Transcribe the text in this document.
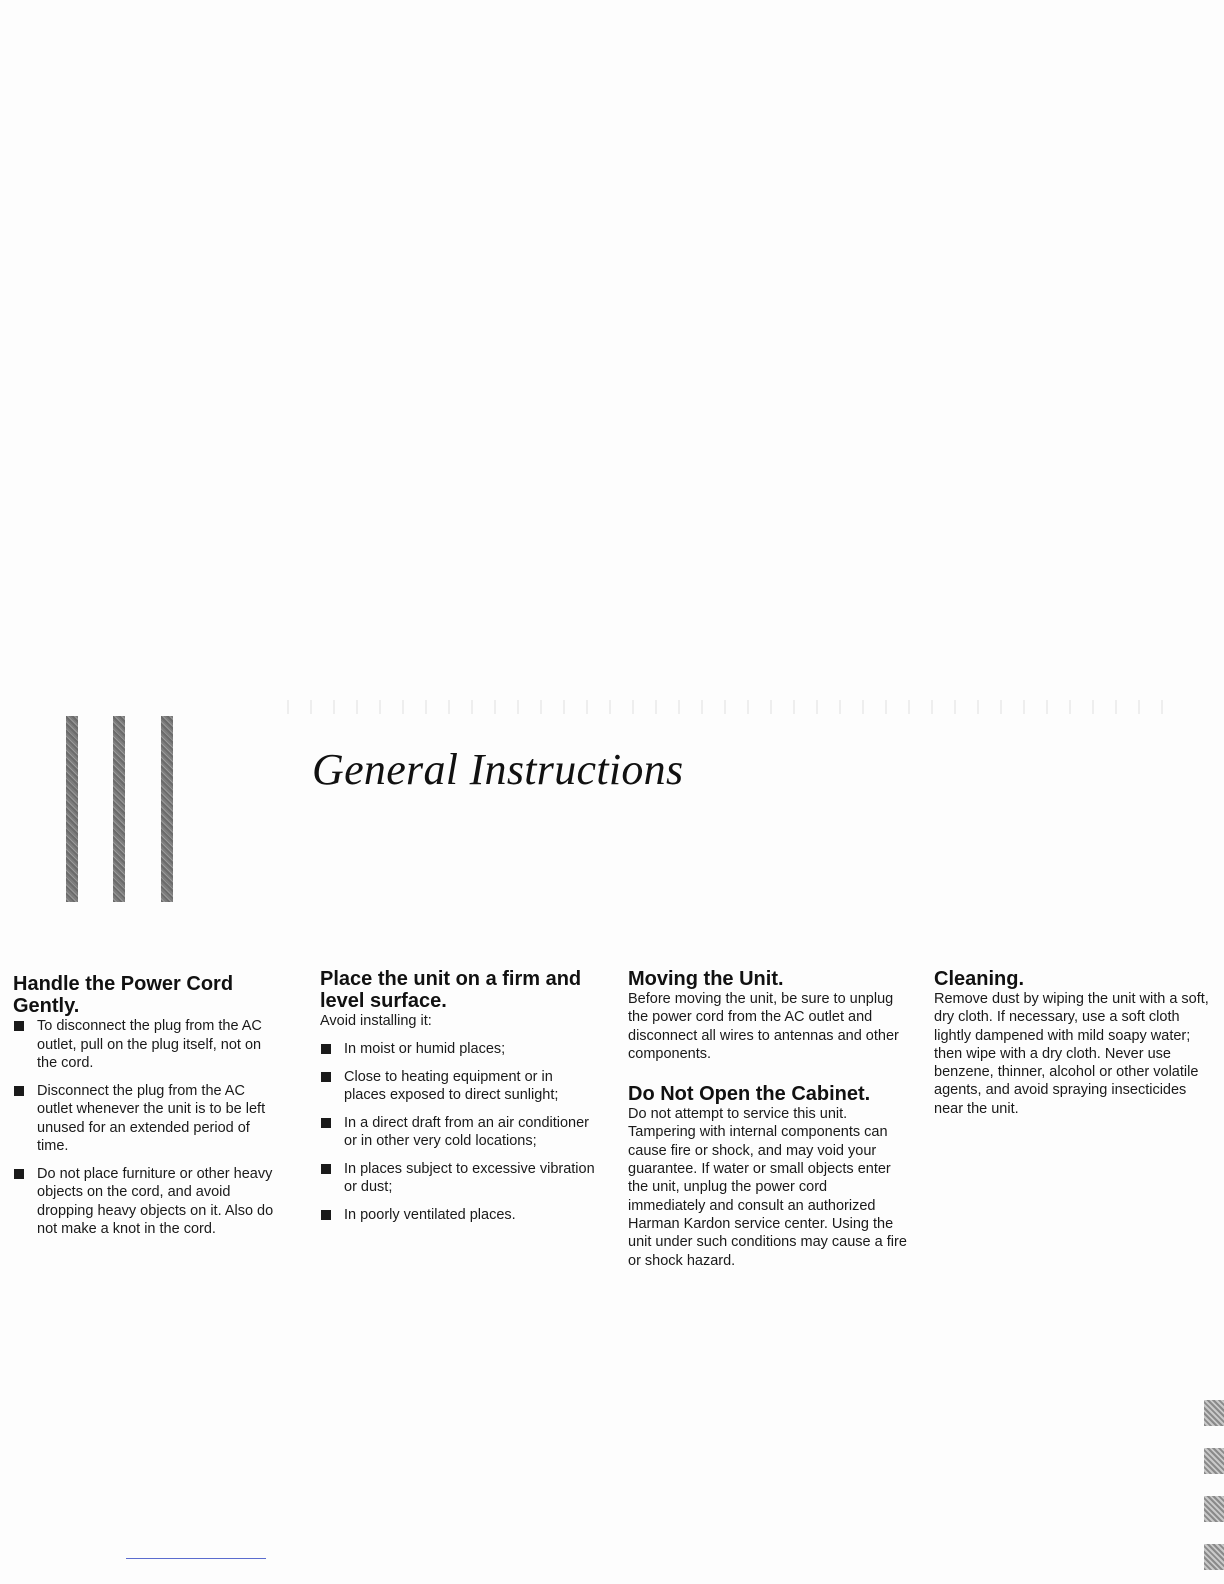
General Instructions
Handle the Power Cord Gently.
To disconnect the plug from the AC outlet, pull on the plug itself, not on the cord.
Disconnect the plug from the AC outlet whenever the unit is to be left unused for an extended period of time.
Do not place furniture or other heavy objects on the cord, and avoid dropping heavy objects on it. Also do not make a knot in the cord.
Place the unit on a firm and level surface.

Avoid installing it:

In moist or humid places;
Close to heating equipment or in places exposed to direct sunlight;
In a direct draft from an air conditioner or in other very cold locations;
In places subject to excessive vibration or dust;
In poorly ventilated places.
Moving the Unit.

Before moving the unit, be sure to unplug the power cord from the AC outlet and disconnect all wires to antennas and other components.

Do Not Open the Cabinet.

Do not attempt to service this unit. Tampering with internal components can cause fire or shock, and may void your guarantee. If water or small objects enter the unit, unplug the power cord immediately and consult an authorized Harman Kardon service center. Using the unit under such conditions may cause a fire or shock hazard.

Cleaning.

Remove dust by wiping the unit with a soft, dry cloth. If necessary, use a soft cloth lightly dampened with mild soapy water; then wipe with a dry cloth. Never use benzene, thinner, alcohol or other volatile agents, and avoid spraying insecticides near the unit.
